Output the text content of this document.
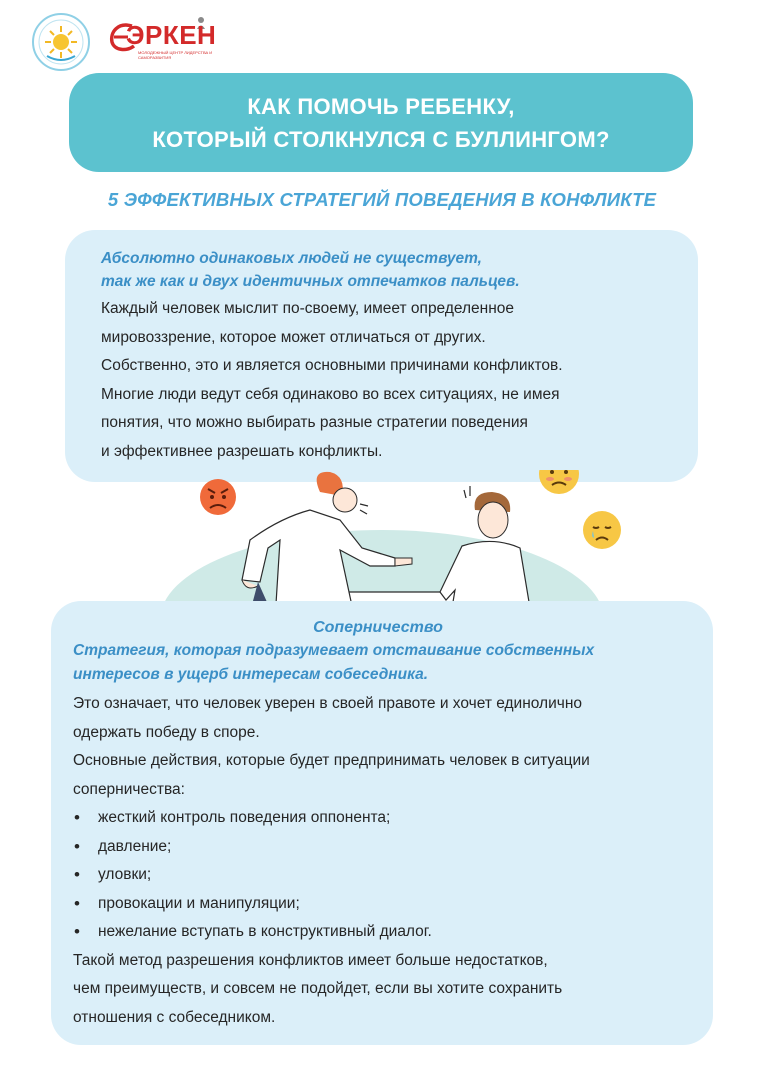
ЭРКЕН
МОЛОДЕЖНЫЙ ЦЕНТР ЛИДЕРСТВА И САМОРАЗВИТИЯ
КАК ПОМОЧЬ РЕБЕНКУ,
КОТОРЫЙ СТОЛКНУЛСЯ С БУЛЛИНГОМ?
5 ЭФФЕКТИВНЫХ СТРАТЕГИЙ ПОВЕДЕНИЯ В КОНФЛИКТЕ
Абсолютно одинаковых людей не существует,
так же как и двух идентичных отпечатков пальцев.
Каждый человек мыслит по-своему, имеет определенное
мировоззрение, которое может отличаться от других.
Собственно, это и является основными причинами конфликтов.
Многие люди ведут себя одинаково во всех ситуациях, не имея
понятия, что можно выбирать разные стратегии поведения
и эффективнее разрешать конфликты.
Соперничество
Стратегия, которая подразумевает отстаивание собственных
интересов в ущерб интересам собеседника.
Это означает, что человек уверен в своей правоте и хочет единолично
одержать победу в споре.
Основные действия, которые будет предпринимать человек в ситуации
соперничества:
• жесткий контроль поведения оппонента;
• давление;
• уловки;
• провокации и манипуляции;
• нежелание вступать в конструктивный диалог.
Такой метод разрешения конфликтов имеет больше недостатков,
чем преимуществ, и совсем не подойдет, если вы хотите сохранить
отношения с собеседником.
